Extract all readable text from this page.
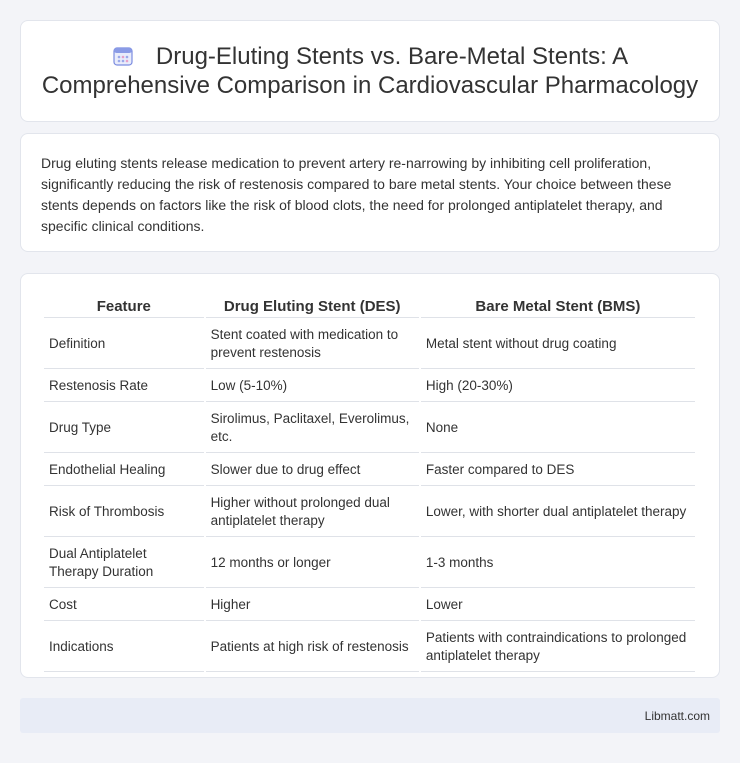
Drug-Eluting Stents vs. Bare-Metal Stents: A Comprehensive Comparison in Cardiovascular Pharmacology

Drug eluting stents release medication to prevent artery re-narrowing by inhibiting cell proliferation, significantly reducing the risk of restenosis compared to bare metal stents. Your choice between these stents depends on factors like the risk of blood clots, the need for prolonged antiplatelet therapy, and specific clinical conditions.

Feature	Drug Eluting Stent (DES)	Bare Metal Stent (BMS)
Definition	Stent coated with medication to prevent restenosis	Metal stent without drug coating
Restenosis Rate	Low (5-10%)	High (20-30%)
Drug Type	Sirolimus, Paclitaxel, Everolimus, etc.	None
Endothelial Healing	Slower due to drug effect	Faster compared to DES
Risk of Thrombosis	Higher without prolonged dual antiplatelet therapy	Lower, with shorter dual antiplatelet therapy
Dual Antiplatelet Therapy Duration	12 months or longer	1-3 months
Cost	Higher	Lower
Indications	Patients at high risk of restenosis	Patients with contraindications to prolonged antiplatelet therapy
Libmatt.com
